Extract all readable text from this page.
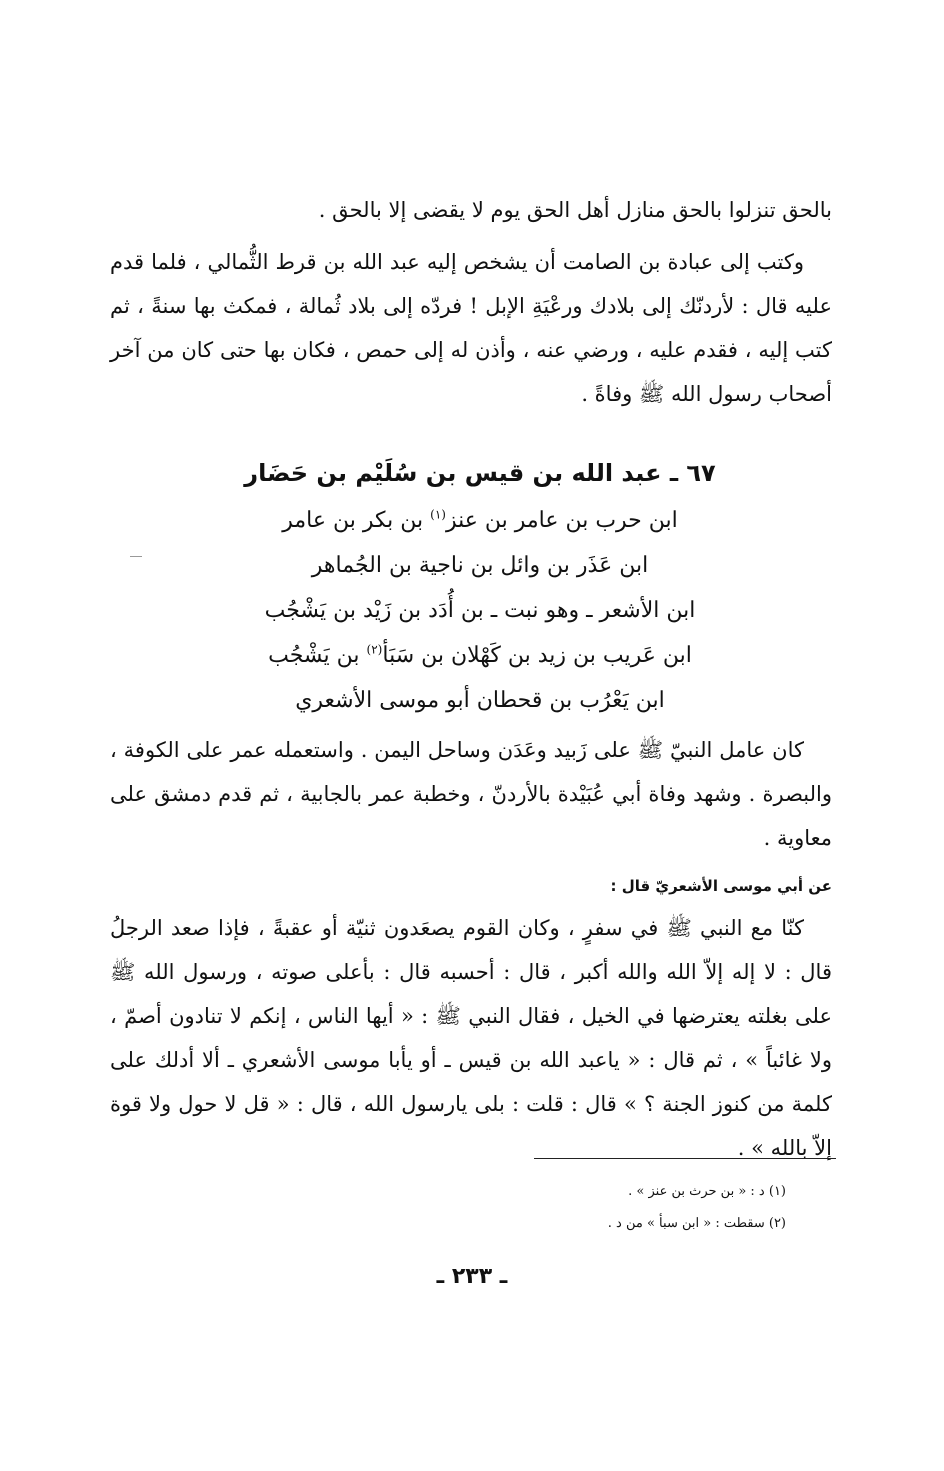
بالحق تنزلوا بالحق منازل أهل الحق يوم لا يقضى إلا بالحق .

وكتب إلى عبادة بن الصامت أن يشخص إليه عبد الله بن قرط الثُّمالي ، فلما قدم عليه قال : لأردنّك إلى بلادك ورعْيَةِ الإبل ! فردّه إلى بلاد ثُمالة ، فمكث بها سنةً ، ثم كتب إليه ، فقدم عليه ، ورضي عنه ، وأذن له إلى حمص ، فكان بها حتى كان من آخر أصحاب رسول الله ﷺ وفاةً .

٦٧ ـ عبد الله بن قيس بن سُلَيْم بن حَضَار

ابن حرب بن عامر بن عنز$^{(١)}$ بن بكر بن عامر

ابن عَذَر بن وائل بن ناجية بن الجُماهر

ابن الأشعر ـ وهو نبت ـ بن أُدَد بن زَيْد بن يَشْجُب

ابن عَريب بن زيد بن كَهْلان بن سَبَأ$^{(٢)}$ بن يَشْجُب

ابن يَعْرُب بن قحطان أبو موسى الأشعري

كان عامل النبيّ ﷺ على زَبيد وعَدَن وساحل اليمن . واستعمله عمر على الكوفة ، والبصرة . وشهد وفاة أبي عُبَيْدة بالأردنّ ، وخطبة عمر بالجابية ، ثم قدم دمشق على معاوية .

عن أبي موسى الأشعريّ قال :

كنّا مع النبي ﷺ في سفرٍ ، وكان القوم يصعَدون ثنيّة أو عقبةً ، فإذا صعد الرجلُ قال : لا إله إلاّ الله والله أكبر ، قال : أحسبه قال : بأعلى صوته ، ورسول الله ﷺ على بغلته يعترضها في الخيل ، فقال النبي ﷺ : « أيها الناس ، إنكم لا تنادون أصمّ ، ولا غائباً » ، ثم قال : « ياعبد الله بن قيس ـ أو يأبا موسى الأشعري ـ ألا أدلك على كلمة من كنوز الجنة ؟ » قال : قلت : بلى يارسول الله ، قال : « قل لا حول ولا قوة إلاّ بالله » .

(١) د : « بن حرث بن عنز » .

(٢) سقطت : « ابن سبأ » من د .

ـ ٢٣٣ ـ
